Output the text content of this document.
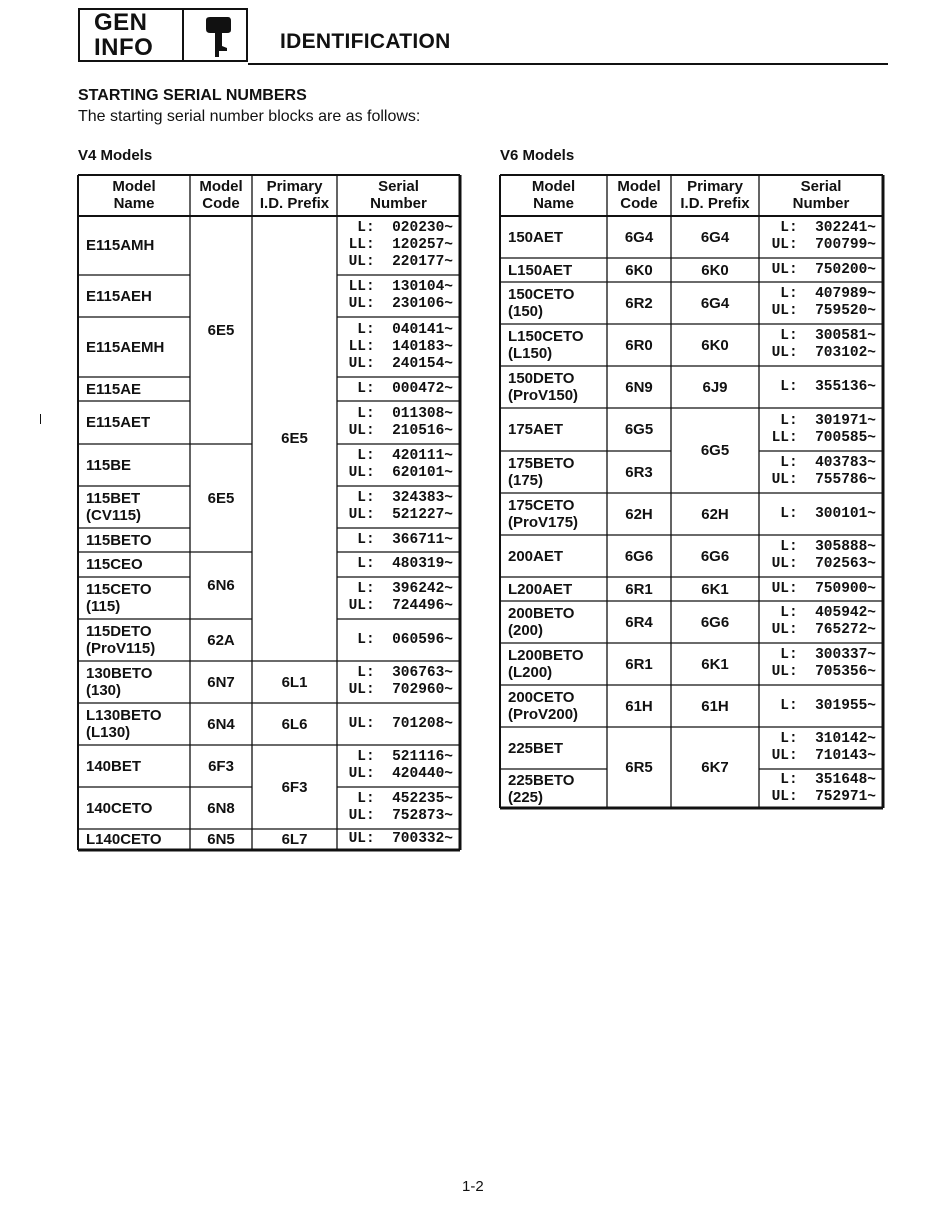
GEN
INFO	IDENTIFICATION
STARTING SERIAL NUMBERS
The starting serial number blocks are as follows:
V4 Models	V6 Models
Model
Name
Model
Code
Primary
I.D. Prefix
Serial
Number
E115AMH
E115AEH
E115AEMH
E115AE
E115AET
115BE
115BET
(CV115)
115BETO
115CEO
115CETO
(115)
115DETO
(ProV115)
130BETO
(130)
L130BETO
(L130)
140BET
140CETO
L140CETO
L:  020230~
LL:  120257~
UL:  220177~
LL:  130104~
UL:  230106~
L:  040141~
LL:  140183~
UL:  240154~
L:  000472~
L:  011308~
UL:  210516~
L:  420111~
UL:  620101~
L:  324383~
UL:  521227~
L:  366711~
L:  480319~
L:  396242~
UL:  724496~
L:  060596~
L:  306763~
UL:  702960~
UL:  701208~
L:  521116~
UL:  420440~
L:  452235~
UL:  752873~
UL:  700332~
6E5
6E5
6N6
62A
6N7
6N4
6F3
6N8
6N5
6E5
6L1
6L6
6F3
6L7
Model
Name
Model
Code
Primary
I.D. Prefix
Serial
Number
150AET
L150AET
150CETO
(150)
L150CETO
(L150)
150DETO
(ProV150)
175AET
175BETO
(175)
175CETO
(ProV175)
200AET
L200AET
200BETO
(200)
L200BETO
(L200)
200CETO
(ProV200)
225BET
225BETO
(225)
L:  302241~
UL:  700799~
UL:  750200~
L:  407989~
UL:  759520~
L:  300581~
UL:  703102~
L:  355136~
L:  301971~
LL:  700585~
L:  403783~
UL:  755786~
L:  300101~
L:  305888~
UL:  702563~
UL:  750900~
L:  405942~
UL:  765272~
L:  300337~
UL:  705356~
L:  301955~
L:  310142~
UL:  710143~
L:  351648~
UL:  752971~
6G4
6K0
6R2
6R0
6N9
6G5
6R3
62H
6G6
6R1
6R4
6R1
61H
6R5
6G4
6K0
6G4
6K0
6J9
6G5
62H
6G6
6K1
6G6
6K1
61H
6K7
1-2
